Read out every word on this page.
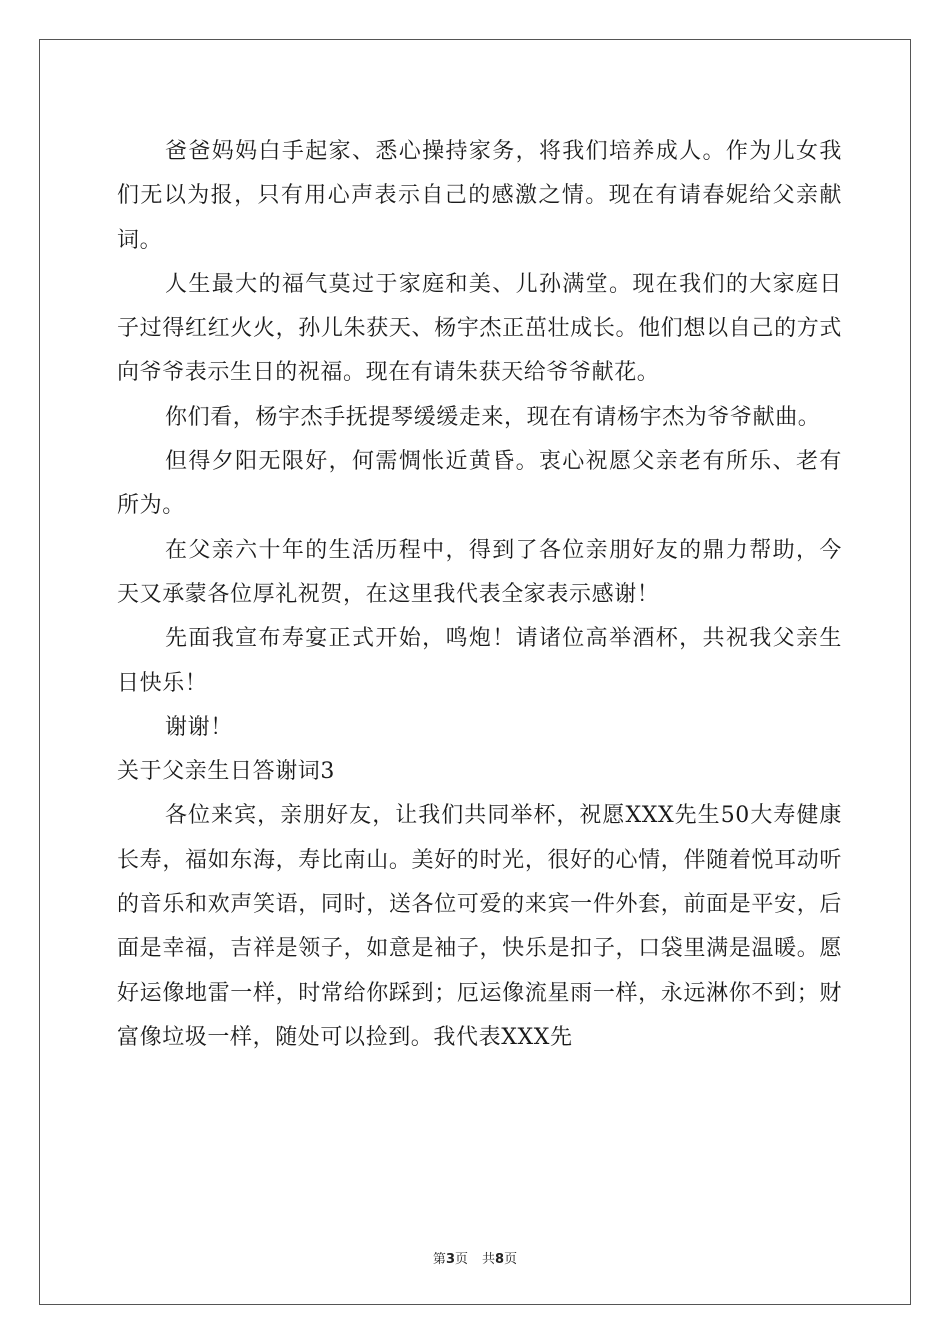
爸爸妈妈白手起家、悉心操持家务，将我们培养成人。作为儿女我们无以为报，只有用心声表示自己的感激之情。现在有请春妮给父亲献词。

人生最大的福气莫过于家庭和美、儿孙满堂。现在我们的大家庭日子过得红红火火，孙儿朱获天、杨宇杰正茁壮成长。他们想以自己的方式向爷爷表示生日的祝福。现在有请朱获天给爷爷献花。

你们看，杨宇杰手抚提琴缓缓走来，现在有请杨宇杰为爷爷献曲。

但得夕阳无限好，何需惆怅近黄昏。衷心祝愿父亲老有所乐、老有所为。

在父亲六十年的生活历程中，得到了各位亲朋好友的鼎力帮助，今天又承蒙各位厚礼祝贺，在这里我代表全家表示感谢！

先面我宣布寿宴正式开始，鸣炮！请诸位高举酒杯，共祝我父亲生日快乐！

谢谢！

关于父亲生日答谢词3

各位来宾，亲朋好友，让我们共同举杯，祝愿XXX先生50大寿健康长寿，福如东海，寿比南山。美好的时光，很好的心情，伴随着悦耳动听的音乐和欢声笑语，同时，送各位可爱的来宾一件外套，前面是平安，后面是幸福，吉祥是领子，如意是袖子，快乐是扣子，口袋里满是温暖。愿好运像地雷一样，时常给你踩到；厄运像流星雨一样，永远淋你不到；财富像垃圾一样，随处可以捡到。我代表XXX先

第3页 共8页
